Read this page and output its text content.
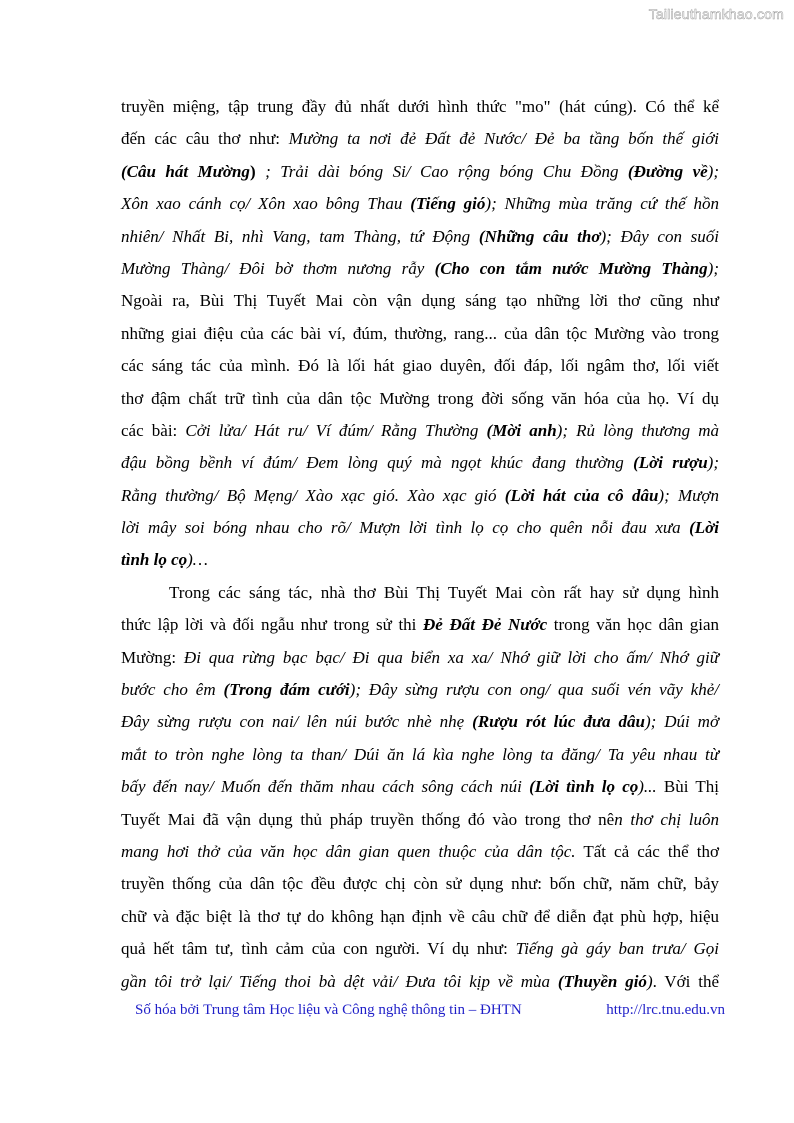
Tailieuthamkhao.com
truyền miệng, tập trung đầy đủ nhất dưới hình thức "mo" (hát cúng). Có thể kể
đến các câu thơ như: Mường ta nơi đẻ Đất đẻ Nước/ Đẻ ba tầng bốn thế giới
(Câu hát Mường) ; Trải dài bóng Si/ Cao rộng bóng Chu Đồng (Đường về);
Xôn xao cánh cọ/ Xôn xao bông Thau (Tiếng gió); Những mùa trăng cứ thế hồn
nhiên/ Nhất Bi, nhì Vang, tam Thàng, tứ Động (Những câu thơ); Đây con suối
Mường Thàng/ Đôi bờ thơm nương rẫy (Cho con tắm nước Mường Thàng);
Ngoài ra, Bùi Thị Tuyết Mai còn vận dụng sáng tạo những lời thơ cũng như
những giai điệu của các bài ví, đúm, thường, rang... của dân tộc Mường vào trong
các sáng tác của mình. Đó là lối hát giao duyên, đối đáp, lối ngâm thơ, lối viết
thơ đậm chất trữ tình của dân tộc Mường trong đời sống văn hóa của họ. Ví dụ
các bài: Cởi lửa/ Hát ru/ Ví đúm/ Rằng Thường (Mời anh); Rủ lòng thương mà
đậu bồng bềnh ví đúm/ Đem lòng quý mà ngọt khúc đang thường (Lời rượu);
Rằng thường/ Bộ Mẹng/ Xào xạc gió. Xào xạc gió (Lời hát của cô dâu); Mượn
lời mây soi bóng nhau cho rõ/ Mượn lời tình lọ cọ cho quên nỗi đau xưa (Lời
tình lọ cọ)…
Trong các sáng tác, nhà thơ Bùi Thị Tuyết Mai còn rất hay sử dụng hình
thức lập lời và đối ngẫu như trong sử thi Đẻ Đất Đẻ Nước trong văn học dân gian
Mường: Đi qua rừng bạc bạc/ Đi qua biển xa xa/ Nhớ giữ lời cho ấm/ Nhớ giữ
bước cho êm (Trong đám cưới); Đây sừng rượu con ong/ qua suối vén vãy khẻ/
Đây sừng rượu con nai/ lên núi bước nhè nhẹ (Rượu rót lúc đưa dâu); Dúi mở
mắt to tròn nghe lòng ta than/ Dúi ăn lá kìa nghe lòng ta đăng/ Ta yêu nhau từ
bấy đến nay/ Muốn đến thăm nhau cách sông cách núi (Lời tình lọ cọ)... Bùi Thị
Tuyết Mai đã vận dụng thủ pháp truyền thống đó vào trong thơ nên thơ chị luôn
mang hơi thở của văn học dân gian quen thuộc của dân tộc. Tất cả các thể thơ
truyền thống của dân tộc đều được chị còn sử dụng như: bốn chữ, năm chữ, bảy
chữ và đặc biệt là thơ tự do không hạn định về câu chữ để diễn đạt phù hợp, hiệu
quả hết tâm tư, tình cảm của con người. Ví dụ như: Tiếng gà gáy ban trưa/ Gọi
gần tôi trở lại/ Tiếng thoi bà dệt vải/ Đưa tôi kịp về mùa (Thuyền gió). Với thể
Số hóa bởi Trung tâm Học liệu và Công nghệ thông tin – ĐHTN	http://lrc.tnu.edu.vn
